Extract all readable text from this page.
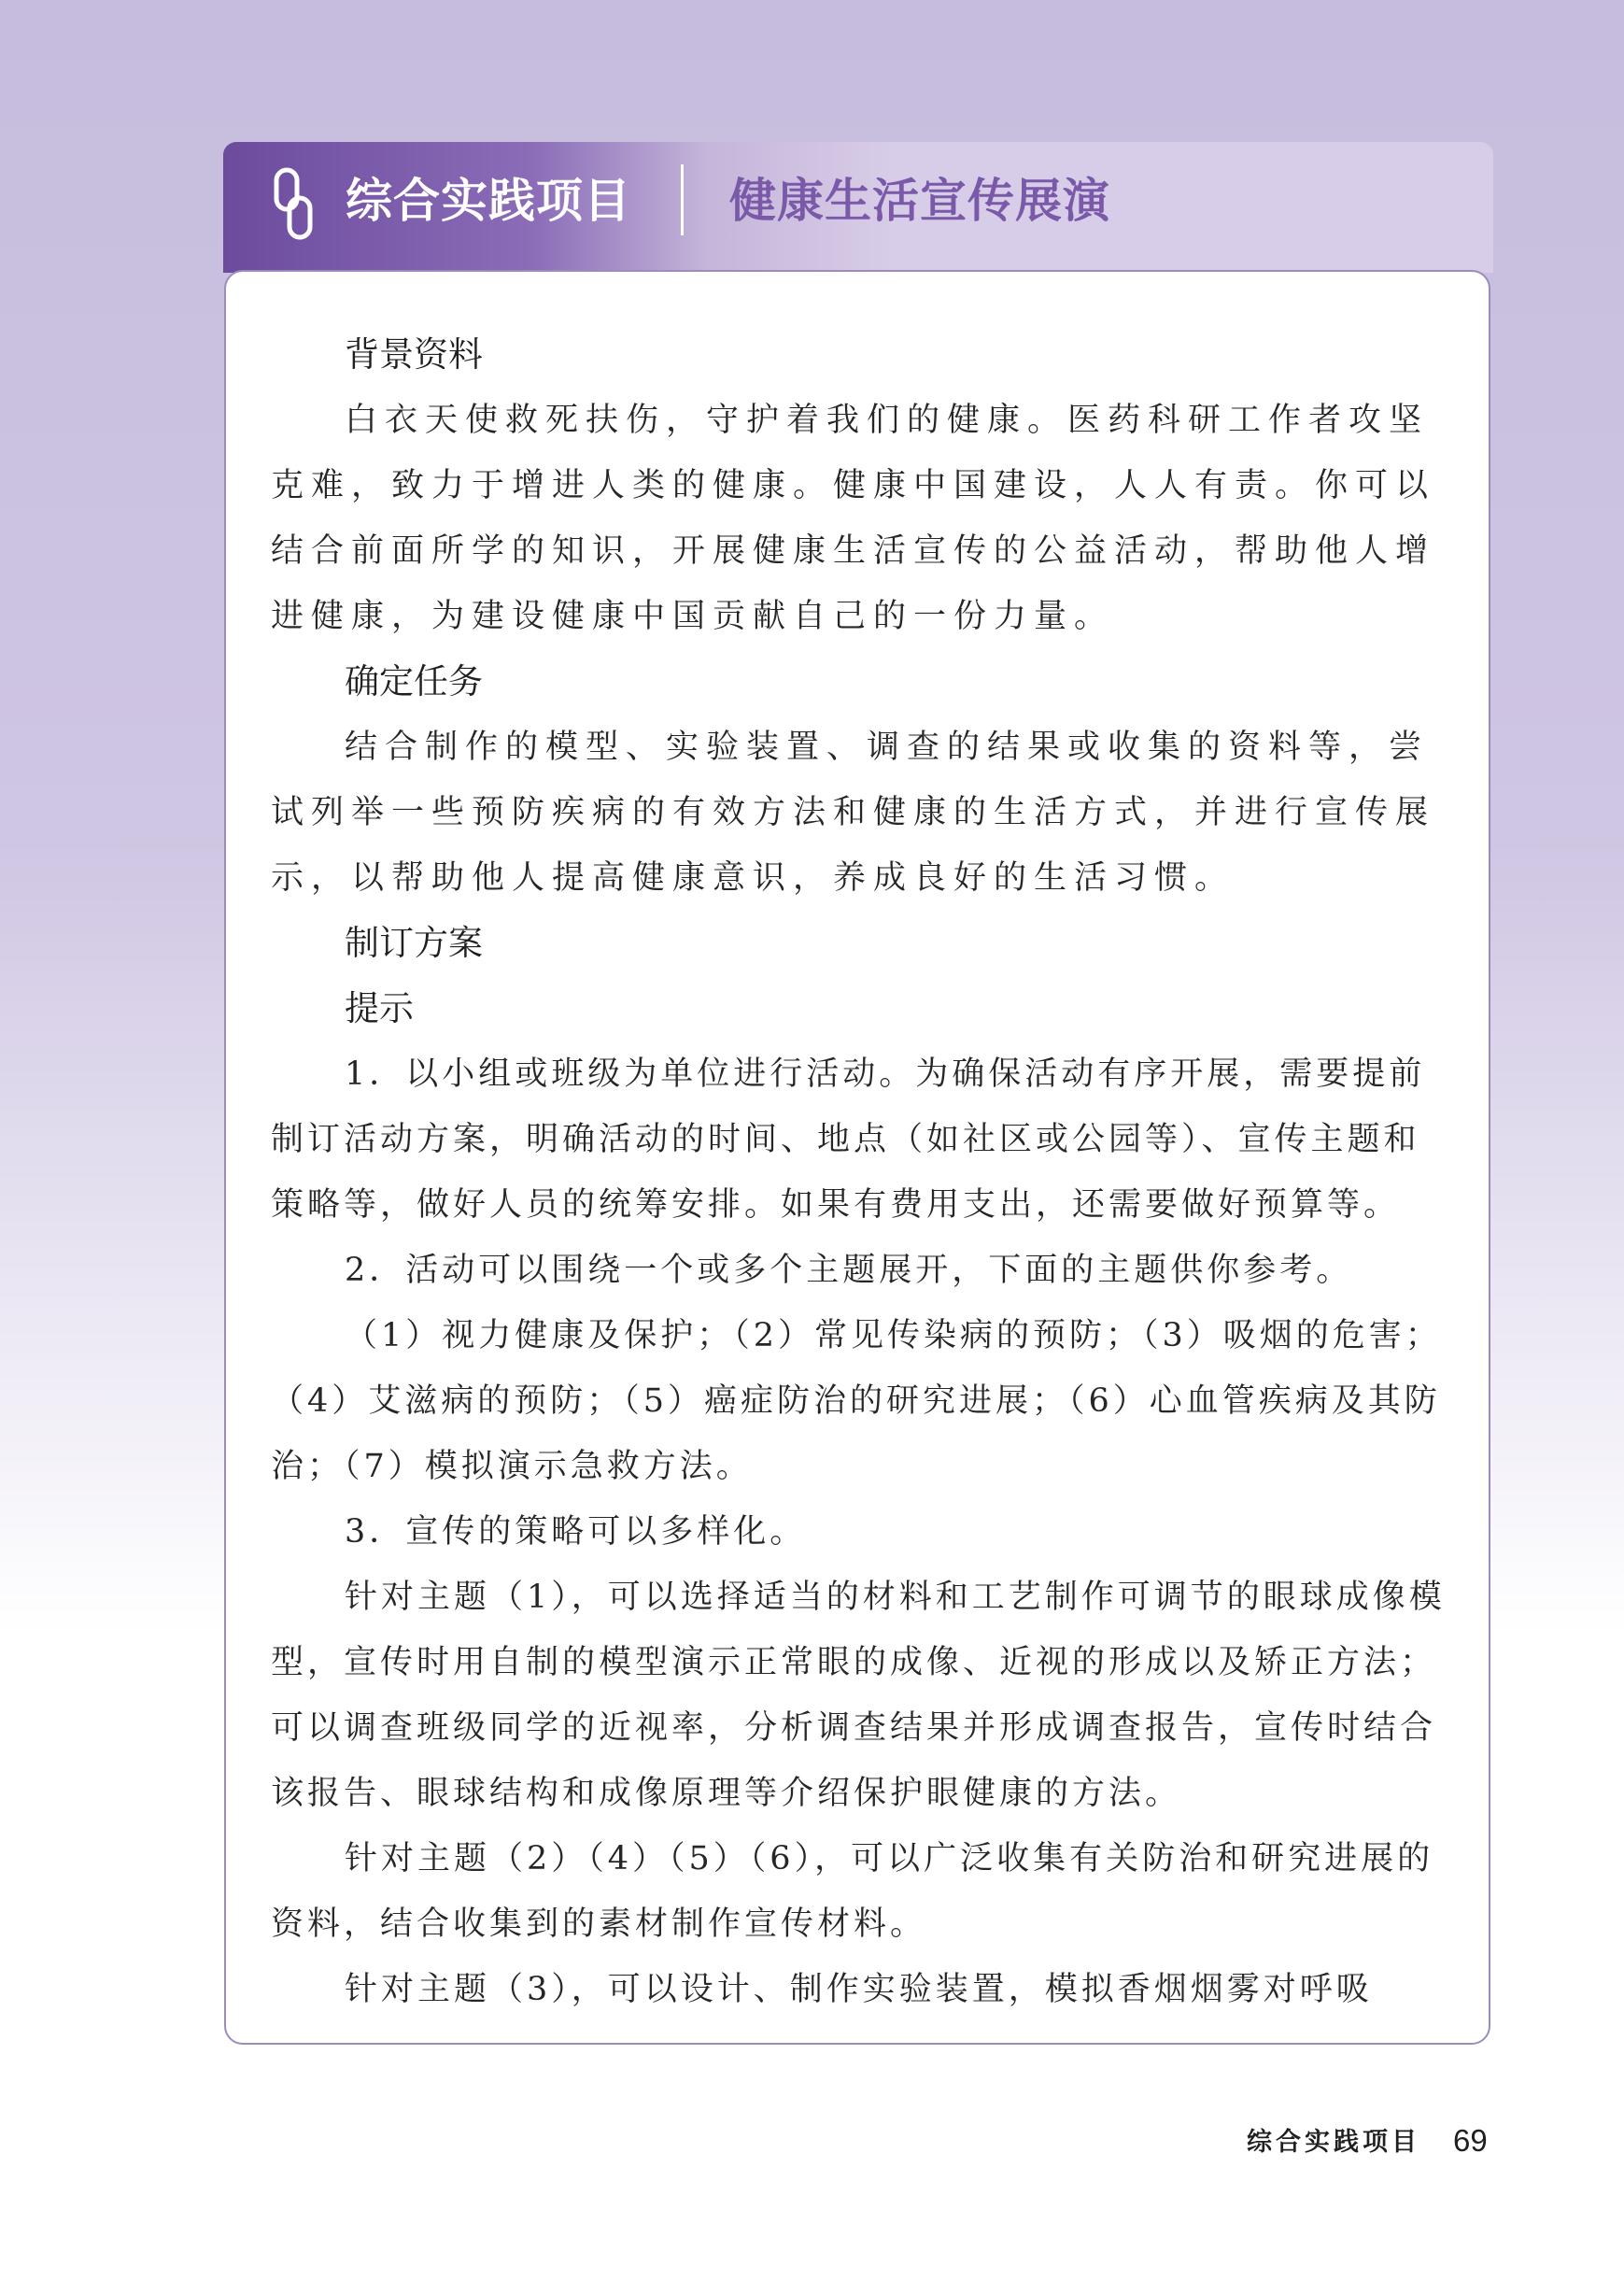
综合实践项目 健康生活宣传展演

背景资料

白衣天使救死扶伤，守护着我们的健康。医药科研工作者攻坚克难，致力于增进人类的健康。健康中国建设，人人有责。你可以结合前面所学的知识，开展健康生活宣传的公益活动，帮助他人增进健康，为建设健康中国贡献自己的一份力量。

确定任务

结合制作的模型、实验装置、调查的结果或收集的资料等，尝试列举一些预防疾病的有效方法和健康的生活方式，并进行宣传展示，以帮助他人提高健康意识，养成良好的生活习惯。

制订方案

提示

1．以小组或班级为单位进行活动。为确保活动有序开展，需要提前制订活动方案，明确活动的时间、地点（如社区或公园等）、宣传主题和策略等，做好人员的统筹安排。如果有费用支出，还需要做好预算等。

2．活动可以围绕一个或多个主题展开，下面的主题供你参考。

（1）视力健康及保护；（2）常见传染病的预防；（3）吸烟的危害；（4）艾滋病的预防；（5）癌症防治的研究进展；（6）心血管疾病及其防治；（7）模拟演示急救方法。

3．宣传的策略可以多样化。

针对主题（1），可以选择适当的材料和工艺制作可调节的眼球成像模型，宣传时用自制的模型演示正常眼的成像、近视的形成以及矫正方法；可以调查班级同学的近视率，分析调查结果并形成调查报告，宣传时结合该报告、眼球结构和成像原理等介绍保护眼健康的方法。

针对主题（2）（4）（5）（6），可以广泛收集有关防治和研究进展的资料，结合收集到的素材制作宣传材料。

针对主题（3），可以设计、制作实验装置，模拟香烟烟雾对呼吸

综合实践项目 69
